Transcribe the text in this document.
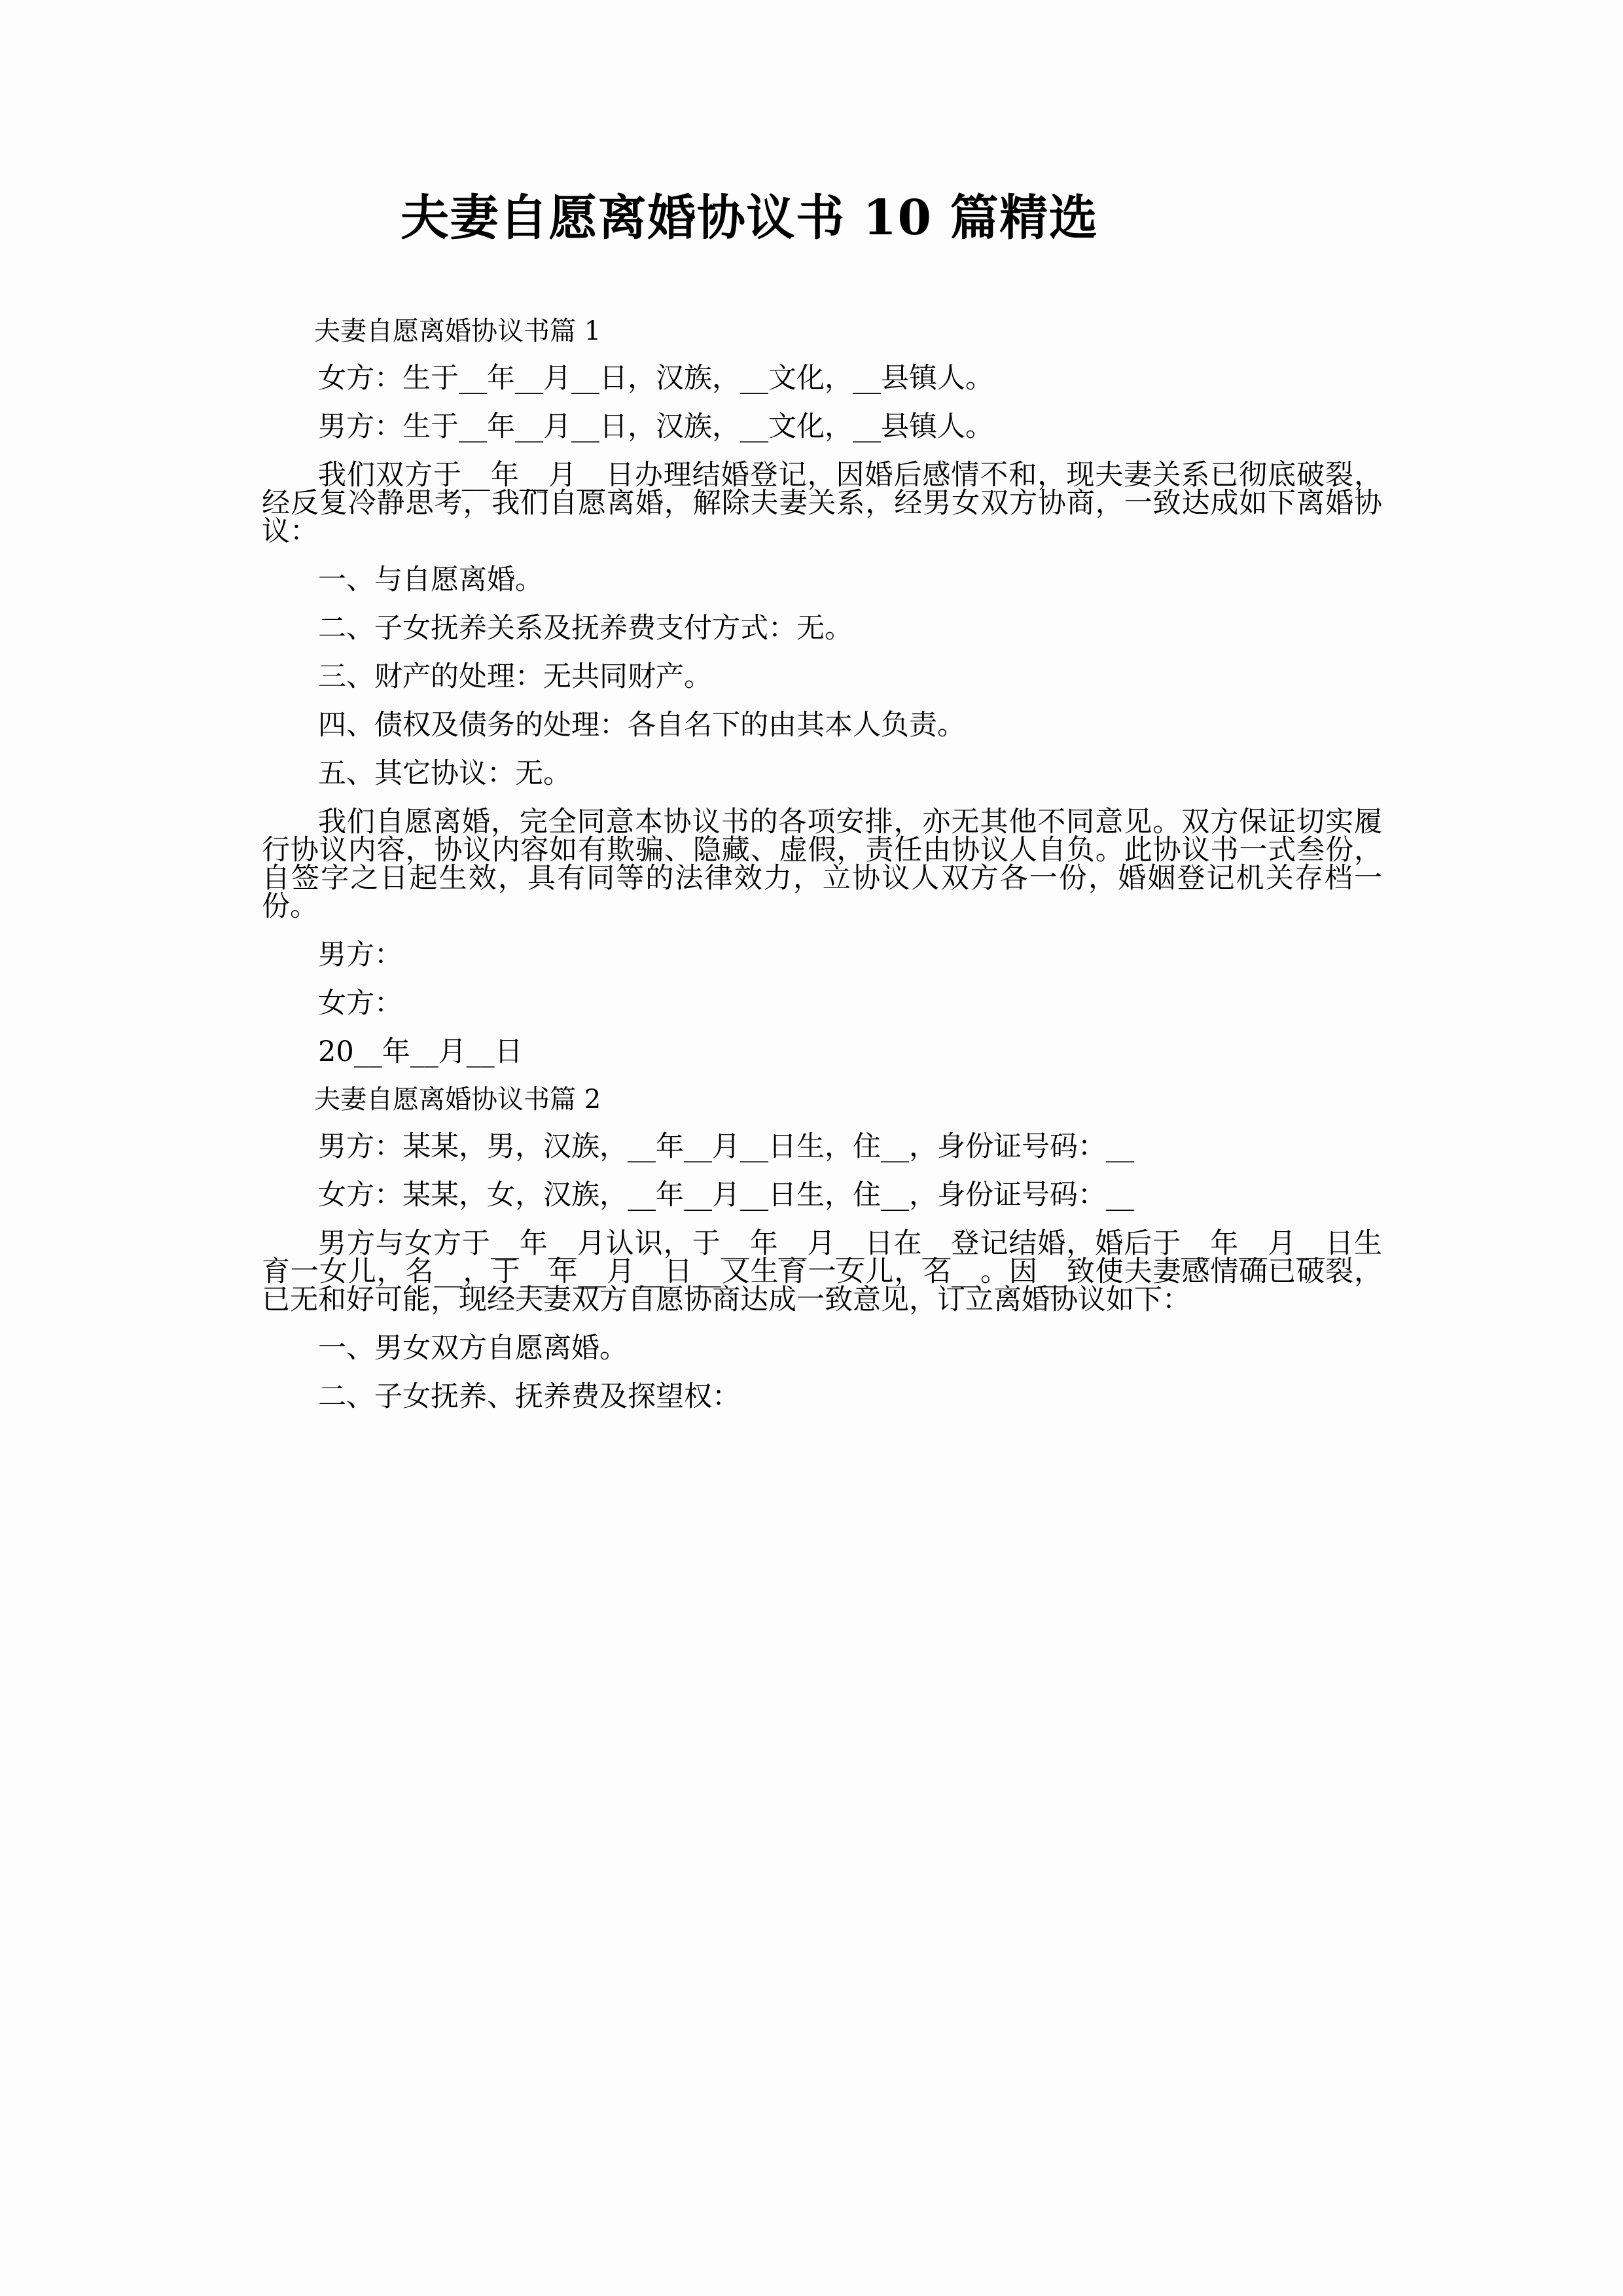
夫妻自愿离婚协议书 10 篇精选
夫妻自愿离婚协议书篇 1

女方：生于__年__月__日，汉族，__文化，__县镇人。

男方：生于__年__月__日，汉族，__文化，__县镇人。

我们双方于__年__月__日办理结婚登记，因婚后感情不和，现夫妻关系已彻底破裂，经反复冷静思考，我们自愿离婚，解除夫妻关系，经男女双方协商，一致达成如下离婚协议：

一、与自愿离婚。

二、子女抚养关系及抚养费支付方式：无。

三、财产的处理：无共同财产。

四、债权及债务的处理：各自名下的由其本人负责。

五、其它协议：无。

我们自愿离婚，完全同意本协议书的各项安排，亦无其他不同意见。双方保证切实履行协议内容，协议内容如有欺骗、隐藏、虚假，责任由协议人自负。此协议书一式叁份，自签字之日起生效，具有同等的法律效力，立协议人双方各一份，婚姻登记机关存档一份。

男方：

女方：

20__年__月__日

夫妻自愿离婚协议书篇 2

男方：某某，男，汉族，__年__月__日生，住__，身份证号码：__

女方：某某，女，汉族，__年__月__日生，住__，身份证号码：__

男方与女方于__年__月认识，于__年__月__日在__登记结婚，婚后于__年__月__日生育一女儿，名__，于__年__月__日__又生育一女儿，名__。因__致使夫妻感情确已破裂，已无和好可能，现经夫妻双方自愿协商达成一致意见，订立离婚协议如下：

一、男女双方自愿离婚。

二、子女抚养、抚养费及探望权：
